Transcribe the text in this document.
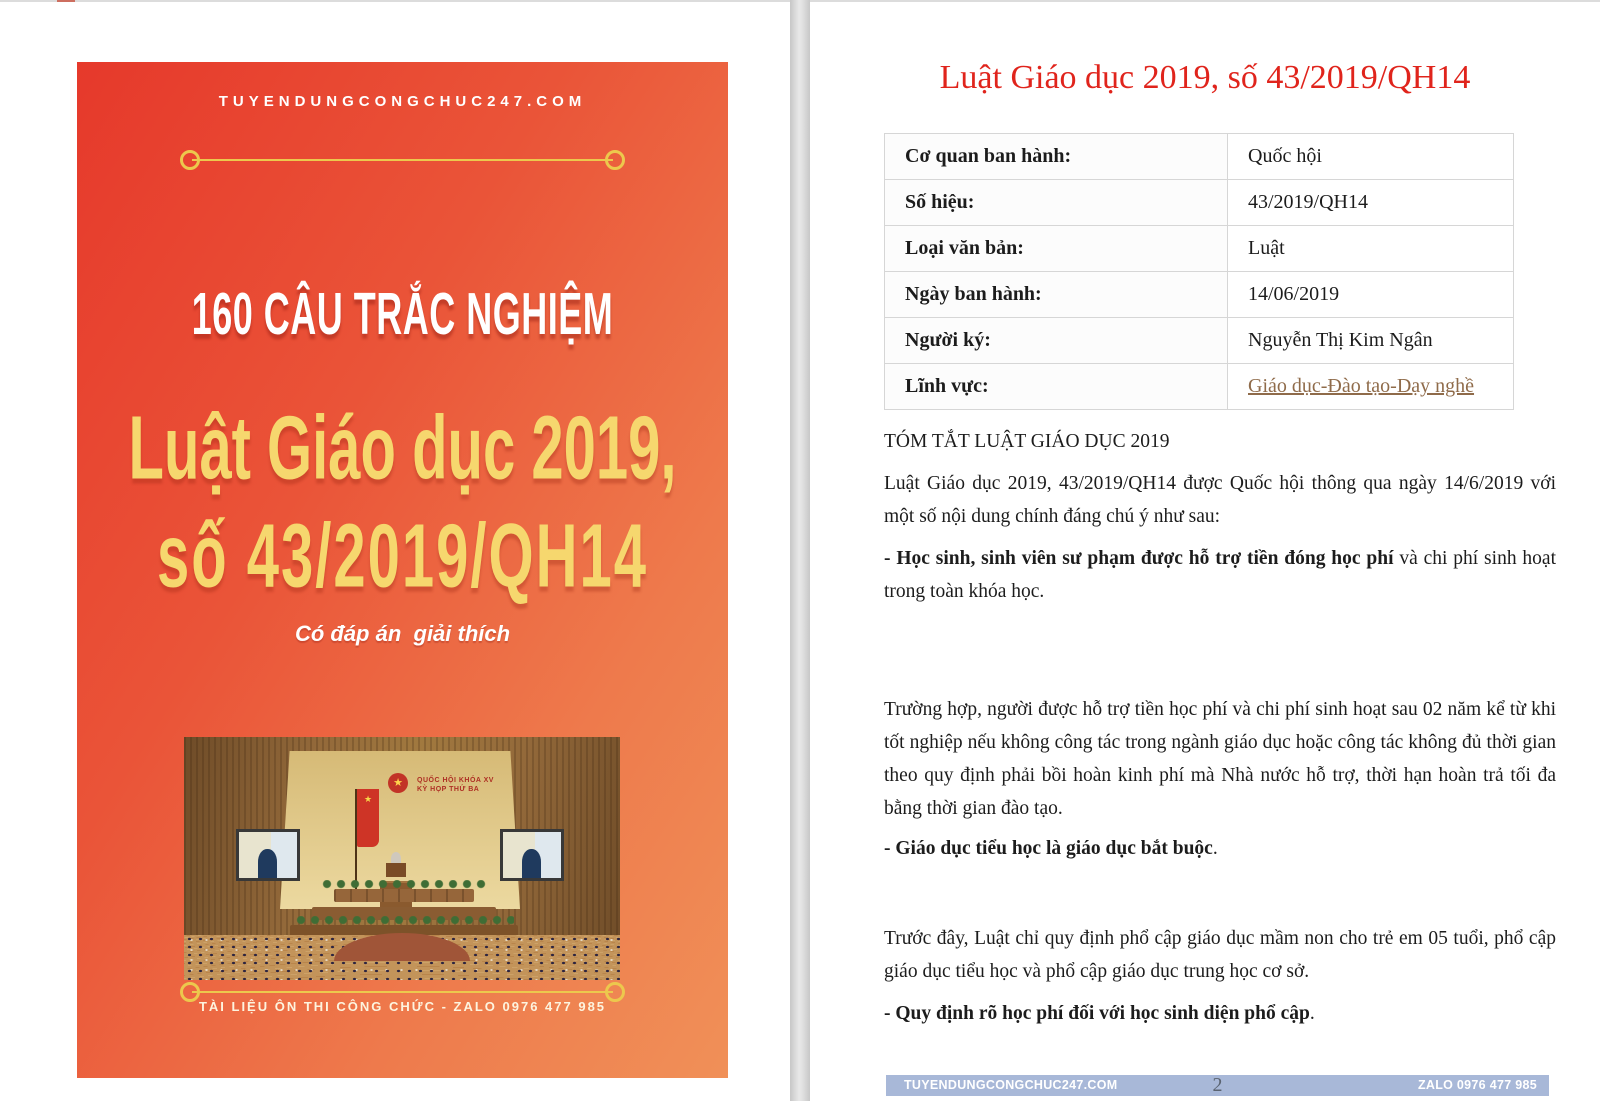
TUYENDUNGCONGCHUC247.COM
160 CÂU TRẮC NGHIỆM
Luật Giáo dục 2019,
số 43/2019/QH14
Có đáp án  giải thích
★
QUỐC HỘI KHÓA XV
KỲ HỌP THỨ BA
★
TÀI LIỆU ÔN THI CÔNG CHỨC - ZALO 0976 477 985
Luật Giáo dục 2019, số 43/2019/QH14
Cơ quan ban hành:	Quốc hội
Số hiệu:	43/2019/QH14
Loại văn bản:	Luật
Ngày ban hành:	14/06/2019
Người ký:	Nguyễn Thị Kim Ngân
Lĩnh vực:	Giáo dục-Đào tạo-Dạy nghề

TÓM TẮT LUẬT GIÁO DỤC 2019

Luật Giáo dục 2019, 43/2019/QH14 được Quốc hội thông qua ngày 14/6/2019 với một số nội dung chính đáng chú ý như sau:

- Học sinh, sinh viên sư phạm được hỗ trợ tiền đóng học phí và chi phí sinh hoạt trong toàn khóa học.

Trường hợp, người được hỗ trợ tiền học phí và chi phí sinh hoạt sau 02 năm kể từ khi tốt nghiệp nếu không công tác trong ngành giáo dục hoặc công tác không đủ thời gian theo quy định phải bồi hoàn kinh phí mà Nhà nước hỗ trợ, thời hạn hoàn trả tối đa bằng thời gian đào tạo.

- Giáo dục tiểu học là giáo dục bắt buộc.

Trước đây, Luật chỉ quy định phổ cập giáo dục mầm non cho trẻ em 05 tuổi, phổ cập giáo dục tiểu học và phổ cập giáo dục trung học cơ sở.

- Quy định rõ học phí đối với học sinh diện phổ cập.

TUYENDUNGCONGCHUC247.COM	2	ZALO 0976 477 985
